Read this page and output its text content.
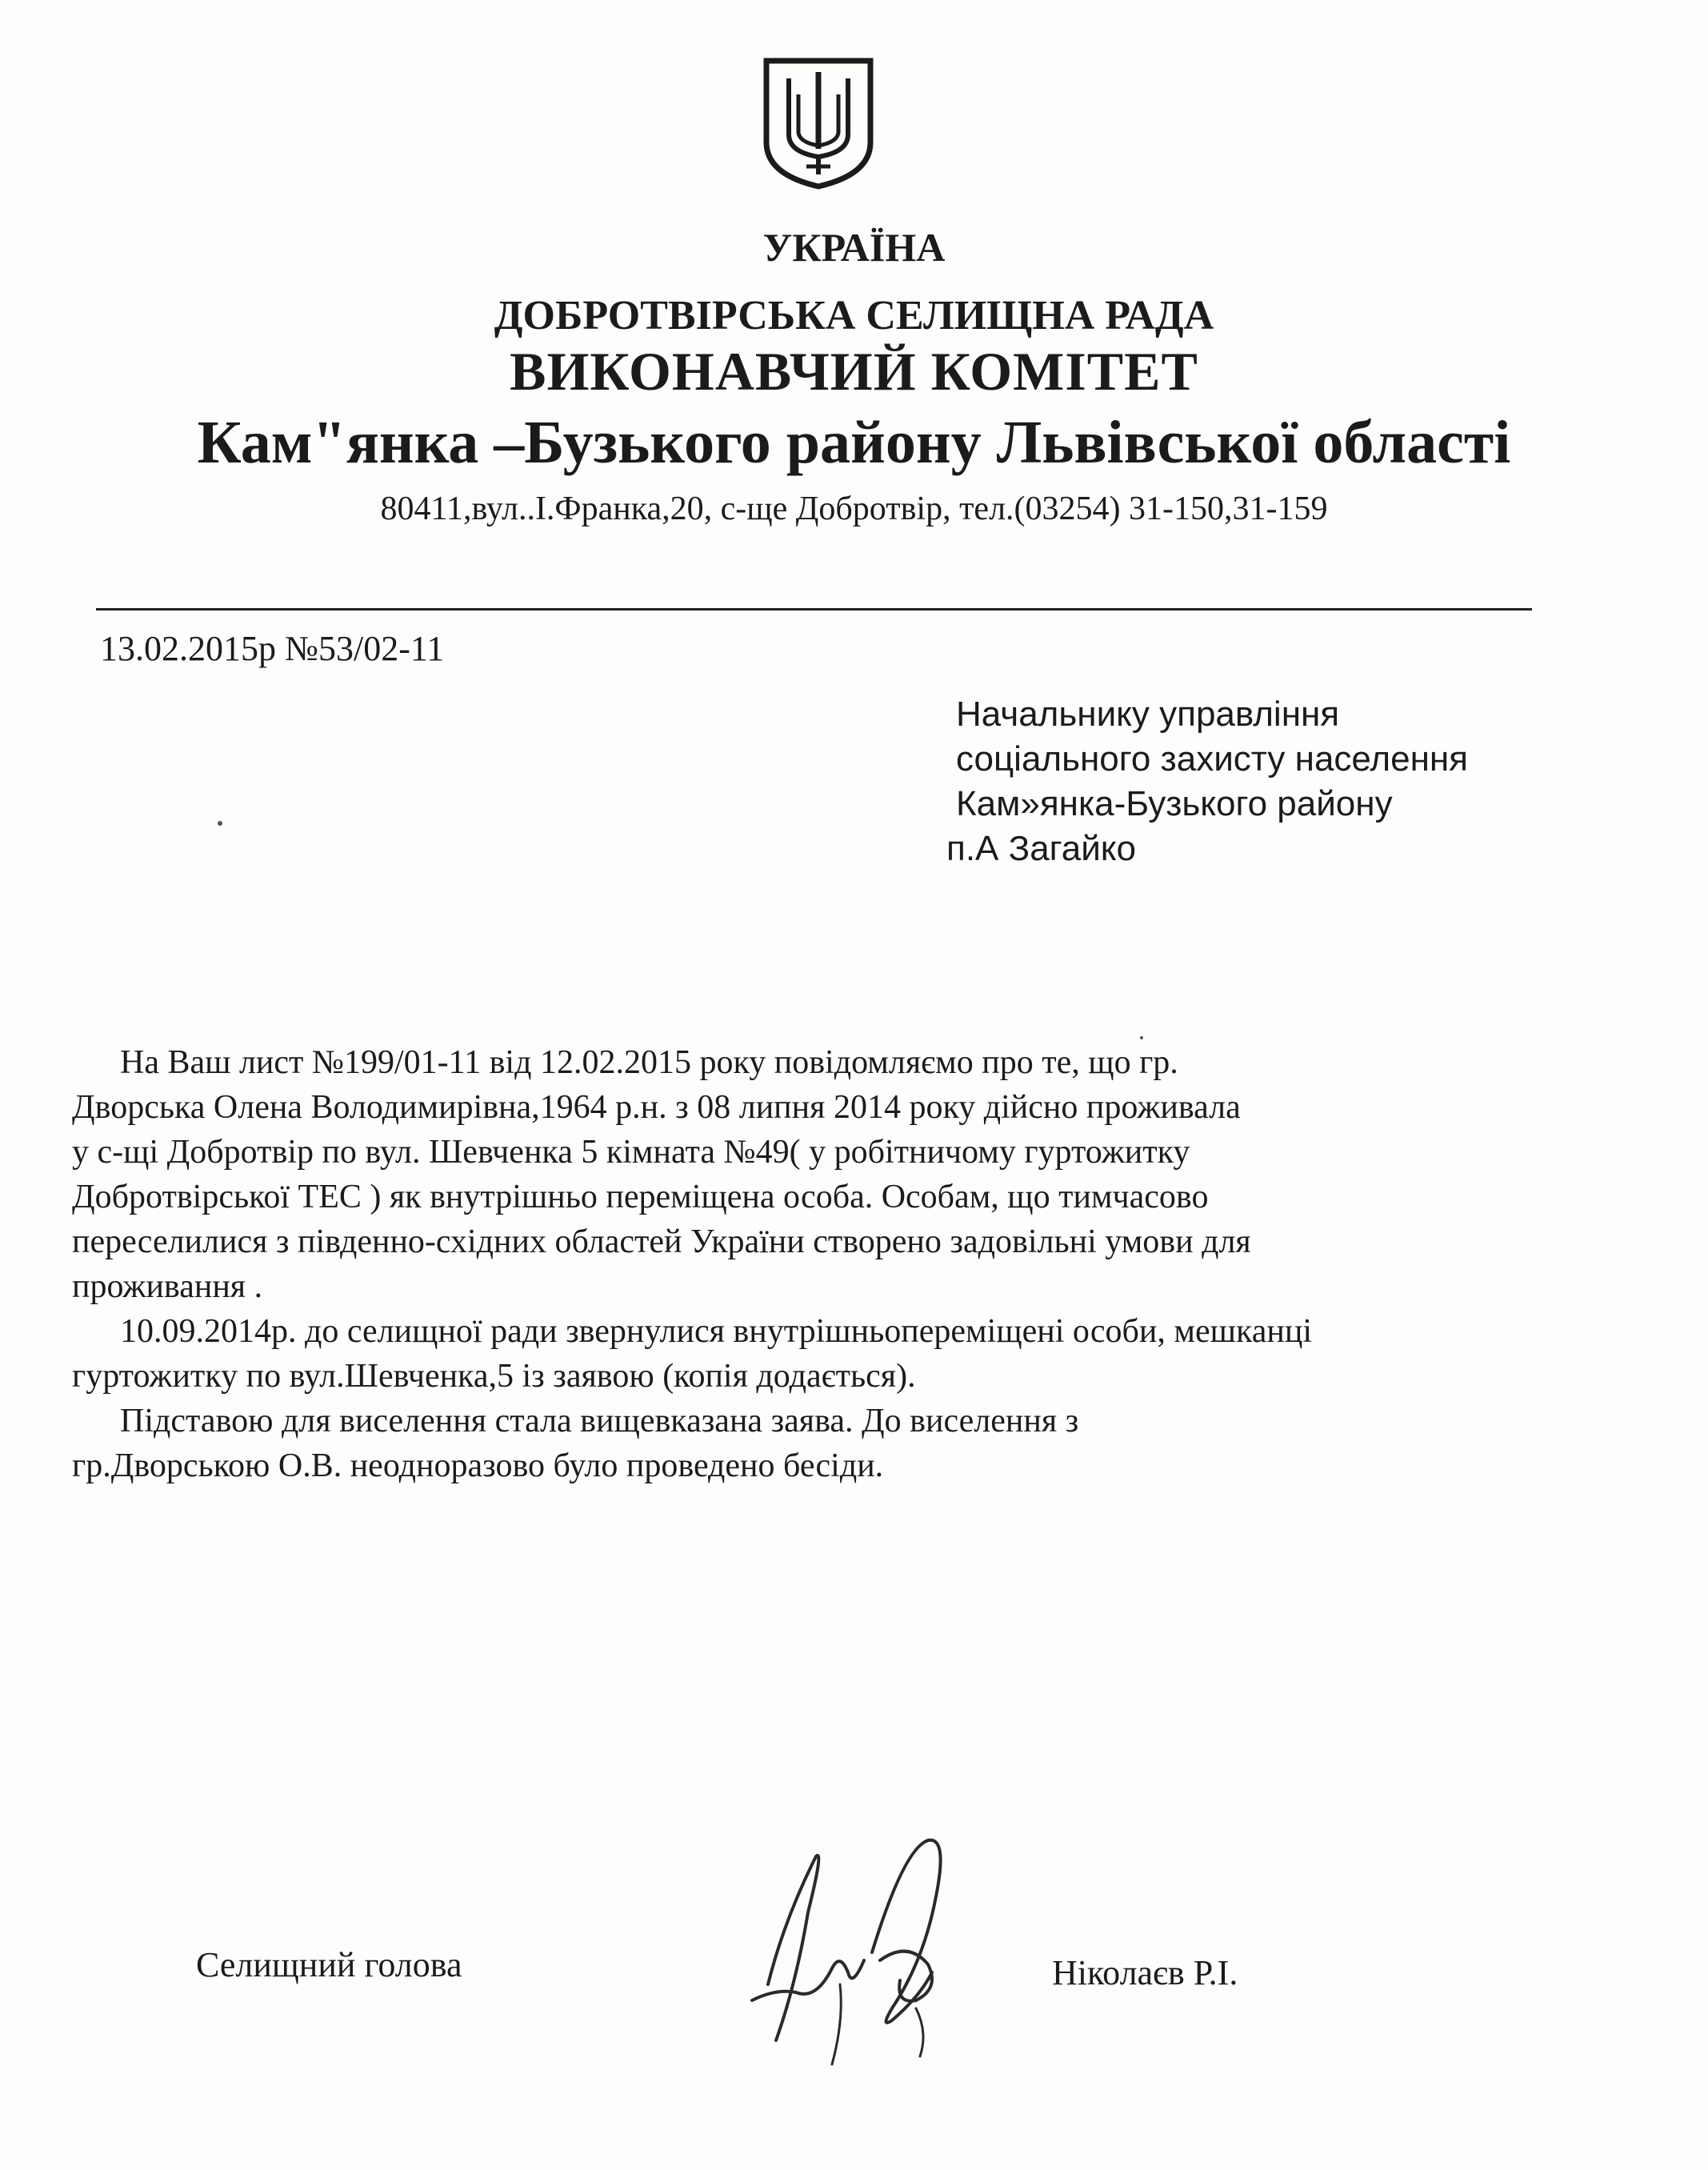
УКРАЇНА
ДОБРОТВІРСЬКА СЕЛИЩНА РАДА
ВИКОНАВЧИЙ КОМІТЕТ
Кам"янка –Бузького району Львівської області
80411,вул..І.Франка,20, с-ще Добротвір, тел.(03254) 31-150,31-159
13.02.2015р №53/02-11
Начальнику управління
соціального захисту населення
Кам»янка-Бузького району
п.А Загайко
На Ваш лист №199/01-11 від 12.02.2015 року повідомляємо про те, що гр.
Дворська Олена Володимирівна,1964 р.н. з 08 липня 2014 року дійсно проживала
у с-щі Добротвір по вул. Шевченка 5 кімната №49( у робітничому гуртожитку
Добротвірської ТЕС ) як внутрішньо переміщена особа. Особам, що тимчасово
переселилися з південно-східних областей України створено задовільні умови для
проживання .
10.09.2014р. до селищної ради звернулися внутрішньопереміщені особи, мешканці
гуртожитку по вул.Шевченка,5 із заявою (копія додається).
Підставою для виселення стала вищевказана заява. До виселення з
гр.Дворською О.В. неодноразово було проведено бесіди.
Селищний голова	Ніколаєв Р.І.
